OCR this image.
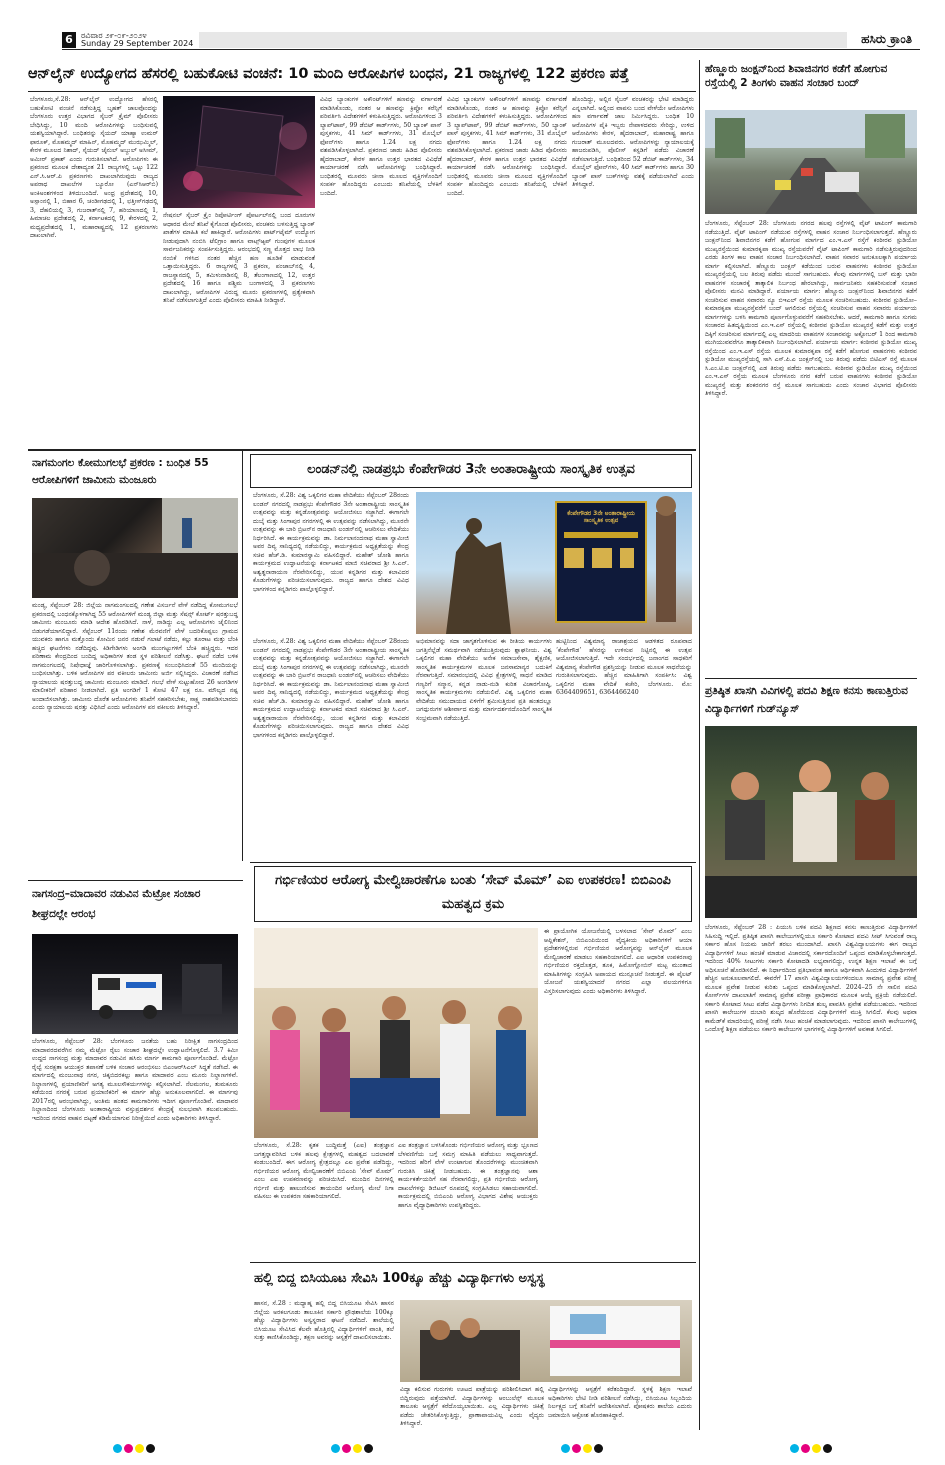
6	ರವಿವಾರ ೨೯-೦೯-೨೦೨೪
Sunday 29 September 2024	ಹಸಿರು ಕ್ರಾಂತಿ
ಆನ್‌ಲೈನ್ ಉದ್ಯೋಗದ ಹೆಸರಲ್ಲಿ ಬಹುಕೋಟಿ ವಂಚನೆ: 10 ಮಂದಿ ಆರೋಪಿಗಳ ಬಂಧನ, 21 ರಾಜ್ಯಗಳಲ್ಲಿ 122 ಪ್ರಕರಣ ಪತ್ತೆ
ಬೆಂಗಳೂರು,ಸೆ.28: ಆನ್‌ಲೈನ್ ಉದ್ಯೋಗದ ಹೆಸರಲ್ಲಿ ಬಹುಕೋಟಿ ವಂಚನೆ ನಡೆಸುತ್ತಿದ್ದ ಬೃಹತ್ ಜಾಲವೊಂದನ್ನು ಬೆಂಗಳೂರು ಉತ್ತರ ವಿಭಾಗದ ಸೈಬರ್ ಕ್ರೈಮ್ ಪೊಲೀಸರು ಬೇಧಿಸಿದ್ದು, 10 ಮಂದಿ ಆರೋಪಿಗಳನ್ನು ಬಂಧಿಸುವಲ್ಲಿ ಯಶಸ್ವಿಯಾಗಿದ್ದಾರೆ. ಬಂಧಿತರನ್ನು ಸೈಯದ್ ಯಾಹ್ಯಾ ಉಮರ್ ಫಾರೂಕ್, ಮೊಹಮ್ಮದ್ ಮಾಹಿನ್, ಮೊಹಮ್ಮದ್ ಮುಝಮ್ಮಿಲ್, ಕೇರಳ ಮೂಲದ ನಿಶಾದ್, ಸೈಯದ್ ಜೈನುಲ್ ಅಬ್ದುಲ್ ಅಸೀಮ್, ಅಮೀರ್ ಪ್ರಕಾಶ್ ಎಂದು ಗುರುತಿಸಲಾಗಿದೆ. ಆರೋಪಿಗಳು ಈ ಪ್ರಕರಣದ ಮೂಲಕ ದೇಶಾದ್ಯಂತ 21 ರಾಜ್ಯಗಳಲ್ಲಿ ಒಟ್ಟು 122 ಎನ್.ಸಿ.ಆರ್.ಪಿ ಪ್ರಕರಣಗಳು ದಾಖಲಾಗಿರುವುದು ರಾಜ್ಯದ ಅಪರಾಧ ದಾಖಲೆಗಳ ಬ್ಯೂರೋ (ಎನ್‌ಸಿಆರ್‌ಬಿ) ಅಂಕಿಅಂಶಗಳಿಂದ ತಿಳಿದುಬಂದಿದೆ. ಅಂಧ್ರ ಪ್ರದೇಶದಲ್ಲಿ 10, ಅಸ್ಸಾಂನಲ್ಲಿ 1, ಬಿಹಾರ 6, ಚಂಡೀಗಢದಲ್ಲಿ 1, ಛತ್ತೀಸ್‌ಗಢದಲ್ಲಿ 3, ದೆಹಲಿಯಲ್ಲಿ 3, ಗುಜರಾತ್‌ನಲ್ಲಿ 7, ಹರಿಯಾಣದಲ್ಲಿ 1, ಹಿಮಾಚಲ ಪ್ರದೇಶದಲ್ಲಿ 2, ಕರ್ನಾಟಕದಲ್ಲಿ 9, ಕೇರಳದಲ್ಲಿ 2, ಮಧ್ಯಪ್ರದೇಶದಲ್ಲಿ 1, ಮಹಾರಾಷ್ಟ್ರದಲ್ಲಿ 12 ಪ್ರಕರಣಗಳು ದಾಖಲಾಗಿವೆ.
ನೇಷನಲ್ ಸೈಬರ್ ಕ್ರೈಂ ರಿಪೋರ್ಟಿಂಗ್ ಪೋರ್ಟಲ್‌ನಲ್ಲಿ ಬಂದ ದೂರುಗಳ ಆಧಾರದ ಮೇಲೆ ತನಿಖೆ ಕೈಗೊಂಡ ಪೊಲೀಸರು, ವಂಚಕರು ಬಳಸುತ್ತಿದ್ದ ಬ್ಯಾಂಕ್ ಖಾತೆಗಳ ಮಾಹಿತಿ ಕಲೆ ಹಾಕಿದ್ದಾರೆ. ಆರೋಪಿಗಳು ಪಾರ್ಟ್‌ಟೈಮ್ ಉದ್ಯೋಗ ನೀಡುವುದಾಗಿ ನಂಬಿಸಿ ಟೆಲಿಗ್ರಾಂ ಹಾಗೂ ವಾಟ್ಸ್‌ಆ್ಯಪ್ ಗುಂಪುಗಳ ಮೂಲಕ ಸಾರ್ವಜನಿಕರನ್ನು ಸಂಪರ್ಕಿಸುತ್ತಿದ್ದರು. ಆರಂಭದಲ್ಲಿ ಸಣ್ಣ ಮೊತ್ತದ ಲಾಭ ನೀಡಿ ನಂಬಿಕೆ ಗಳಿಸಿದ ನಂತರ ಹೆಚ್ಚಿನ ಹಣ ಹೂಡಿಕೆ ಮಾಡುವಂತೆ ಒತ್ತಾಯಿಸುತ್ತಿದ್ದರು. 6 ರಾಜ್ಯಗಳಲ್ಲಿ 3 ಪ್ರಕರಣ, ಪಂಜಾಬ್‌ನಲ್ಲಿ 4, ರಾಜಸ್ಥಾನದಲ್ಲಿ 5, ತಮಿಳುನಾಡಿನಲ್ಲಿ 8, ತೆಲಂಗಾಣದಲ್ಲಿ 12, ಉತ್ತರ ಪ್ರದೇಶದಲ್ಲಿ 16 ಹಾಗೂ ಪಶ್ಚಿಮ ಬಂಗಾಳದಲ್ಲಿ 3 ಪ್ರಕರಣಗಳು ದಾಖಲಾಗಿದ್ದು, ಆರೋಪಿಗಳ ವಿರುದ್ಧ ಮೂರು ಪ್ರಕರಣಗಳಲ್ಲಿ ಪ್ರತ್ಯೇಕವಾಗಿ ತನಿಖೆ ನಡೆಸಲಾಗುತ್ತಿದೆ ಎಂದು ಪೊಲೀಸರು ಮಾಹಿತಿ ನೀಡಿದ್ದಾರೆ.
ವಿವಿಧ ಬ್ಯಾಂಕುಗಳ ಅಕೌಂಟ್‌ಗಳಿಗೆ ಹಣವನ್ನು ವರ್ಗಾವಣೆ ಮಾಡಿಸಿಕೊಂಡು, ನಂತರ ಆ ಹಣವನ್ನು ಕ್ರಿಪ್ಟೋ ಕರೆನ್ಸಿಗೆ ಪರಿವರ್ತಿಸಿ ವಿದೇಶಗಳಿಗೆ ಕಳುಹಿಸುತ್ತಿದ್ದರು. ಆರೋಪಿಗಳಿಂದ 3 ಲ್ಯಾಪ್‌ಟಾಪ್, 99 ಡೆಬಿಟ್ ಕಾರ್ಡ್‌ಗಳು, 50 ಬ್ಯಾಂಕ್ ಪಾಸ್ ಪುಸ್ತಕಗಳು, 41 ಸಿಮ್ ಕಾರ್ಡ್‌ಗಳು, 31 ಮೊಬೈಲ್ ಫೋನ್‌ಗಳು ಹಾಗೂ 1.24 ಲಕ್ಷ ನಗದು ವಶಪಡಿಸಿಕೊಳ್ಳಲಾಗಿದೆ. ಪ್ರಕರಣದ ಜಾಡು ಹಿಡಿದ ಪೊಲೀಸರು ಹೈದರಾಬಾದ್, ಕೇರಳ ಹಾಗೂ ಉತ್ತರ ಭಾರತದ ವಿವಿಧೆಡೆ ಕಾರ್ಯಾಚರಣೆ ನಡೆಸಿ ಆರೋಪಿಗಳನ್ನು ಬಂಧಿಸಿದ್ದಾರೆ. ಬಂಧಿತರಲ್ಲಿ ಮೂವರು ಚೀನಾ ಮೂಲದ ವ್ಯಕ್ತಿಗಳೊಂದಿಗೆ ಸಂಪರ್ಕ ಹೊಂದಿದ್ದರು ಎಂಬುದು ತನಿಖೆಯಲ್ಲಿ ಬೆಳಕಿಗೆ ಬಂದಿದೆ.
ವಿವಿಧ ಬ್ಯಾಂಕುಗಳ ಅಕೌಂಟ್‌ಗಳಿಗೆ ಹಣವನ್ನು ವರ್ಗಾವಣೆ ಮಾಡಿಸಿಕೊಂಡು, ನಂತರ ಆ ಹಣವನ್ನು ಕ್ರಿಪ್ಟೋ ಕರೆನ್ಸಿಗೆ ಪರಿವರ್ತಿಸಿ ವಿದೇಶಗಳಿಗೆ ಕಳುಹಿಸುತ್ತಿದ್ದರು. ಆರೋಪಿಗಳಿಂದ 3 ಲ್ಯಾಪ್‌ಟಾಪ್, 99 ಡೆಬಿಟ್ ಕಾರ್ಡ್‌ಗಳು, 50 ಬ್ಯಾಂಕ್ ಪಾಸ್ ಪುಸ್ತಕಗಳು, 41 ಸಿಮ್ ಕಾರ್ಡ್‌ಗಳು, 31 ಮೊಬೈಲ್ ಫೋನ್‌ಗಳು ಹಾಗೂ 1.24 ಲಕ್ಷ ನಗದು ವಶಪಡಿಸಿಕೊಳ್ಳಲಾಗಿದೆ. ಪ್ರಕರಣದ ಜಾಡು ಹಿಡಿದ ಪೊಲೀಸರು ಹೈದರಾಬಾದ್, ಕೇರಳ ಹಾಗೂ ಉತ್ತರ ಭಾರತದ ವಿವಿಧೆಡೆ ಕಾರ್ಯಾಚರಣೆ ನಡೆಸಿ ಆರೋಪಿಗಳನ್ನು ಬಂಧಿಸಿದ್ದಾರೆ. ಬಂಧಿತರಲ್ಲಿ ಮೂವರು ಚೀನಾ ಮೂಲದ ವ್ಯಕ್ತಿಗಳೊಂದಿಗೆ ಸಂಪರ್ಕ ಹೊಂದಿದ್ದರು ಎಂಬುದು ತನಿಖೆಯಲ್ಲಿ ಬೆಳಕಿಗೆ ಬಂದಿದೆ.
ಹೊಂದಿದ್ದು, ಅಲ್ಲಿನ ಸೈಬರ್ ವಂಚಕರನ್ನು ಭೇಟಿ ಮಾಡಿದ್ದರು ಎನ್ನಲಾಗಿದೆ. ಅಲ್ಲಿಂದ ವಾಪಸು ಬಂದ ವೇಳೆಯೇ ಆರೋಪಿಗಳು ಹಣ ವರ್ಗಾವಣೆ ಜಾಲ ನಿರ್ಮಿಸಿದ್ದರು. ಬಂಧಿತ 10 ಆರೋಪಿಗಳ ಪೈಕಿ ಇಬ್ಬರು ನೇಪಾಳದವರು ಸೇರಿದ್ದು, ಉಳಿದ ಆರೋಪಿಗಳು ಕೇರಳ, ಹೈದರಾಬಾದ್, ಮಹಾರಾಷ್ಟ್ರ ಹಾಗೂ ಗುಜರಾತ್ ಮೂಲದವರು. ಆರೋಪಿಗಳನ್ನು ನ್ಯಾಯಾಲಯಕ್ಕೆ ಹಾಜರುಪಡಿಸಿ, ಪೊಲೀಸ್ ಕಸ್ಟಡಿಗೆ ಪಡೆದು ವಿಚಾರಣೆ ನಡೆಸಲಾಗುತ್ತಿದೆ. ಬಂಧಿತರಿಂದ 52 ಡೆಬಿಟ್ ಕಾರ್ಡ್‌ಗಳು, 34 ಮೊಬೈಲ್ ಫೋನ್‌ಗಳು, 40 ಸಿಮ್ ಕಾರ್ಡ್‌ಗಳು ಹಾಗೂ 30 ಬ್ಯಾಂಕ್ ಪಾಸ್ ಬುಕ್‌ಗಳನ್ನು ವಶಕ್ಕೆ ಪಡೆಯಲಾಗಿದೆ ಎಂದು ತಿಳಿಸಿದ್ದಾರೆ.
ಹೆಣ್ಣೂರು ಜಂಕ್ಷನ್‌ನಿಂದ ಶಿವಾಜಿನಗರ ಕಡೆಗೆ ಹೋಗುವ ರಸ್ತೆಯಲ್ಲಿ 2 ತಿಂಗಳು ವಾಹನ ಸಂಚಾರ ಬಂದ್
ಬೆಂಗಳೂರು, ಸೆಪ್ಟೆಂಬರ್ 28: ಬೆಂಗಳೂರು ನಗರದ ಹಲವು ರಸ್ತೆಗಳಲ್ಲಿ ವೈಟ್ ಟಾಪಿಂಗ್ ಕಾಮಗಾರಿ ನಡೆಯುತ್ತಿದೆ. ವೈಟ್ ಟಾಪಿಂಗ್ ನಡೆಯುವ ರಸ್ತೆಗಳಲ್ಲಿ ವಾಹನ ಸಂಚಾರ ನಿರ್ಬಂಧಿಸಲಾಗುತ್ತದೆ. ಹೆಣ್ಣೂರು ಜಂಕ್ಷನ್‌ನಿಂದ ಶಿವಾಜಿನಗರ ಕಡೆಗೆ ಹೋಗುವ ಮಾರ್ಗದ ಎಂ.ಇ.ಎಸ್ ರಸ್ತೆಗೆ ಕಂಠೀರವ ಸ್ಟುಡಿಯೋ ಮುಖ್ಯರಸ್ತೆಯಿಂದ ಕುಮಾರಕೃಪಾ ಮುಖ್ಯ ರಸ್ತೆಯವರೆಗೆ ವೈಟ್ ಟಾಪಿಂಗ್ ಕಾಮಗಾರಿ ನಡೆಸುತ್ತಿರುವುದರಿಂದ ಎರಡು ತಿಂಗಳ ಕಾಲ ವಾಹನ ಸಂಚಾರ ನಿರ್ಬಂಧಿಸಲಾಗಿದೆ. ವಾಹನ ಸವಾರರ ಅನುಕೂಲಕ್ಕಾಗಿ ಪರ್ಯಾಯ ಮಾರ್ಗ ಕಲ್ಪಿಸಲಾಗಿದೆ. ಹೆಣ್ಣೂರು ಜಂಕ್ಷನ್ ಕಡೆಯಿಂದ ಬರುವ ವಾಹನಗಳು ಕಂಠೀರವ ಸ್ಟುಡಿಯೋ ಮುಖ್ಯರಸ್ತೆಯಲ್ಲಿ ಬಲ ತಿರುವು ಪಡೆದು ಮುಂದೆ ಸಾಗಬಹುದು. ಕೆಲವು ಮಾರ್ಗಗಳಲ್ಲಿ ಬಸ್ ಮತ್ತು ಭಾರೀ ವಾಹನಗಳ ಸಂಚಾರಕ್ಕೆ ತಾತ್ಕಾಲಿಕ ನಿರ್ಬಂಧ ಹೇರಲಾಗಿದ್ದು, ಸಾರ್ವಜನಿಕರು ಸಹಕರಿಸುವಂತೆ ಸಂಚಾರ ಪೊಲೀಸರು ಮನವಿ ಮಾಡಿದ್ದಾರೆ. ಪರ್ಯಾಯ ಮಾರ್ಗ: ಹೆಣ್ಣೂರು ಜಂಕ್ಷನ್‌ನಿಂದ ಶಿವಾಜಿನಗರ ಕಡೆಗೆ ಸಂಚರಿಸುವ ವಾಹನ ಸವಾರರು ನ್ಯೂ ಬಿಇಎಲ್ ರಸ್ತೆಯ ಮೂಲಕ ಸಂಚರಿಸಬಹುದು. ಕಂಠೀರವ ಸ್ಟುಡಿಯೋ–ಕುಮಾರಕೃಪಾ ಮುಖ್ಯರಸ್ತೆವರೆಗೆ ಬಂದ್ ಆಗಲಿರುವ ರಸ್ತೆಯಲ್ಲಿ ಸಂಚರಿಸುವ ವಾಹನ ಸವಾರರು ಪರ್ಯಾಯ ಮಾರ್ಗಗಳನ್ನು ಬಳಸಿ ಕಾಮಗಾರಿ ಪೂರ್ಣಗೊಳ್ಳುವವರೆಗೆ ಸಹಕರಿಸಬೇಕು. ಆದರೆ, ಕಾಮಗಾರಿ ಹಾಗೂ ಸುಗಮ ಸಂಚಾರದ ಹಿತದೃಷ್ಟಿಯಿಂದ ಎಂ.ಇ.ಎಸ್ ರಸ್ತೆಯಲ್ಲಿ ಕಂಠೀರವ ಸ್ಟುಡಿಯೋ ಮುಖ್ಯರಸ್ತೆ ಕಡೆಗೆ ಮತ್ತು ಉತ್ತರ ದಿಕ್ಕಿಗೆ ಸಂಚರಿಸುವ ಮಾರ್ಗದಲ್ಲಿ ಎಲ್ಲ ಮಾದರಿಯ ವಾಹನಗಳ ಸಂಚಾರವನ್ನು ಅಕ್ಟೋಬರ್ 1 ರಿಂದ ಕಾಮಗಾರಿ ಮುಗಿಯುವವರೆಗೂ ತಾತ್ಕಾಲಿಕವಾಗಿ ನಿರ್ಬಂಧಿಸಲಾಗಿದೆ. ಪರ್ಯಾಯ ಮಾರ್ಗ: ಕಂಠೀರವ ಸ್ಟುಡಿಯೋ ಮುಖ್ಯ ರಸ್ತೆಯಿಂದ ಎಂ.ಇ.ಎಸ್ ರಸ್ತೆಯ ಮೂಲಕ ಕುಮಾರಕೃಪಾ ರಸ್ತೆ ಕಡೆಗೆ ಹೋಗುವ ವಾಹನಗಳು ಕಂಠೀರವ ಸ್ಟುಡಿಯೋ ಮುಖ್ಯರಸ್ತೆಯಲ್ಲಿ ಸಾಗಿ ಎಸ್.ಪಿ.ಎ ಜಂಕ್ಷನ್‌ನಲ್ಲಿ ಬಲ ತಿರುವು ಪಡೆದು ಬಿಟಿಎಸ್ ರಸ್ತೆ ಮೂಲಕ ಸಿ.ಎಂ.ಟಿ.ಐ ಜಂಕ್ಷನ್‌ನಲ್ಲಿ ಎಡ ತಿರುವು ಪಡೆದು ಸಾಗಬಹುದು. ಕಂಠೀರವ ಸ್ಟುಡಿಯೋ ಮುಖ್ಯ ರಸ್ತೆಯಿಂದ ಎಂ.ಇ.ಎಸ್ ರಸ್ತೆಯ ಮೂಲಕ ಬೆಂಗಳೂರು ನಗರ ಕಡೆಗೆ ಬರುವ ವಾಹನಗಳು ಕಂಠೀರವ ಸ್ಟುಡಿಯೋ ಮುಖ್ಯರಸ್ತೆ ಮತ್ತು ಶಂಕರನಗರ ರಸ್ತೆ ಮೂಲಕ ಸಾಗಬಹುದು ಎಂದು ಸಂಚಾರ ವಿಭಾಗದ ಪೊಲೀಸರು ತಿಳಿಸಿದ್ದಾರೆ.
ನಾಗಮಂಗಲ ಕೋಮುಗಲಭೆ ಪ್ರಕರಣ : ಬಂಧಿತ 55 ಆರೋಪಿಗಳಿಗೆ ಜಾಮೀನು ಮಂಜೂರು
ಮಂಡ್ಯ, ಸೆಪ್ಟೆಂಬರ್ 28: ಜಿಲ್ಲೆಯ ನಾಗಮಂಗಲದಲ್ಲಿ ಗಣೇಶ ವಿಸರ್ಜನೆ ವೇಳೆ ನಡೆದಿದ್ದ ಕೋಮುಗಲಭೆ ಪ್ರಕರಣದಲ್ಲಿ ಬಂಧನಕ್ಕೊಳಗಾಗಿದ್ದ 55 ಆರೋಪಿಗಳಿಗೆ ಮಂಡ್ಯ ಜಿಲ್ಲಾ ಮತ್ತು ಸೆಷನ್ಸ್ ಕೋರ್ಟ್ ಷರತ್ತುಬದ್ಧ ಜಾಮೀನು ಮಂಜೂರು ಮಾಡಿ ಆದೇಶ ಹೊರಡಿಸಿದೆ. ನಾಳೆ, ನಾಡಿದ್ದು ಎಲ್ಲ ಆರೋಪಿಗಳು ಜೈಲಿನಿಂದ ಬಿಡುಗಡೆಯಾಗಲಿದ್ದಾರೆ. ಸೆಪ್ಟೆಂಬರ್ 11ರಂದು ಗಣೇಶ ಮೆರವಣಿಗೆ ವೇಳೆ ಬದರಿಕೊಪ್ಪಲು ಗ್ರಾಮದ ಯುವಕರು ಹಾಗೂ ಮತ್ತೊಂದು ಕೋಮಿನ ಜನರ ನಡುವೆ ಗಲಾಟೆ ನಡೆದು, ಕಲ್ಲು ತೂರಾಟ ಮತ್ತು ಬೆಂಕಿ ಹಚ್ಚಿದ ಘಟನೆಗಳು ನಡೆದಿದ್ದವು. ಕಿಡಿಗೇಡಿಗಳು ಅಂಗಡಿ ಮುಂಗಟ್ಟುಗಳಿಗೆ ಬೆಂಕಿ ಹಚ್ಚಿದ್ದರು. ಇದರ ಪರಿಣಾಮ ಕೇಂದ್ರದಿಂದ ಬಂದಿದ್ದ ಅಧಿಕಾರಿಗಳ ತಂಡ ಸ್ಥಳ ಪರಿಶೀಲನೆ ನಡೆಸಿತ್ತು. ಘಟನೆ ನಡೆದ ಬಳಿಕ ನಾಗಮಂಗಲದಲ್ಲಿ ನಿಷೇಧಾಜ್ಞೆ ಜಾರಿಗೊಳಿಸಲಾಗಿತ್ತು. ಪ್ರಕರಣಕ್ಕೆ ಸಂಬಂಧಿಸಿದಂತೆ 55 ಮಂದಿಯನ್ನು ಬಂಧಿಸಲಾಗಿತ್ತು. ಬಳಿಕ ಆರೋಪಿಗಳ ಪರ ವಕೀಲರು ಜಾಮೀನು ಅರ್ಜಿ ಸಲ್ಲಿಸಿದ್ದರು. ವಿಚಾರಣೆ ನಡೆಸಿದ ನ್ಯಾಯಾಲಯ ಷರತ್ತುಬದ್ಧ ಜಾಮೀನು ಮಂಜೂರು ಮಾಡಿದೆ. ಗಲಭೆ ವೇಳೆ ಸುಟ್ಟುಹೋದ 26 ಅಂಗಡಿಗಳ ಮಾಲೀಕರಿಗೆ ಪರಿಹಾರ ನೀಡಲಾಗಿದೆ. ಪ್ರತಿ ಅಂಗಡಿಗೆ 1 ಕೋಟಿ 47 ಲಕ್ಷ ರೂ. ಮೌಲ್ಯದ ನಷ್ಟ ಅಂದಾಜಿಸಲಾಗಿತ್ತು. ಜಾಮೀನು ದೊರೆತ ಆರೋಪಿಗಳು ತನಿಖೆಗೆ ಸಹಕರಿಸಬೇಕು, ಸಾಕ್ಷ್ಯ ನಾಶಪಡಿಸಬಾರದು ಎಂದು ನ್ಯಾಯಾಲಯ ಷರತ್ತು ವಿಧಿಸಿದೆ ಎಂದು ಆರೋಪಿಗಳ ಪರ ವಕೀಲರು ತಿಳಿಸಿದ್ದಾರೆ.
ಲಂಡನ್‌ನಲ್ಲಿ ನಾಡಪ್ರಭು ಕೆಂಪೇಗೌಡರ 3ನೇ ಅಂತಾರಾಷ್ಟ್ರೀಯ ಸಾಂಸ್ಕೃತಿಕ ಉತ್ಸವ
ಬೆಂಗಳೂರು, ಸೆ.28: ವಿಶ್ವ ಒಕ್ಕಲಿಗರ ಮಹಾ ವೇದಿಕೆಯು ಸೆಪ್ಟೆಂಬರ್ 28ರಂದು ಲಂಡನ್ ನಗರದಲ್ಲಿ ನಾಡಪ್ರಭು ಕೆಂಪೇಗೌಡರ 3ನೇ ಅಂತಾರಾಷ್ಟ್ರೀಯ ಸಾಂಸ್ಕೃತಿಕ ಉತ್ಸವವನ್ನು ಮತ್ತು ಕನ್ನಡೋತ್ಸವವನ್ನು ಆಯೋಜಿಸಲು ಸಜ್ಜಾಗಿದೆ. ಈಗಾಗಲೇ ದುಬೈ ಮತ್ತು ಸಿಂಗಾಪುರ ನಗರಗಳಲ್ಲಿ ಈ ಉತ್ಸವವನ್ನು ನಡೆಸಲಾಗಿದ್ದು, ಮೂರನೇ ಉತ್ಸವವನ್ನು ಈ ಬಾರಿ ಬ್ರಿಟನ್‌ನ ರಾಜಧಾನಿ ಲಂಡನ್‌ನಲ್ಲಿ ಆಚರಿಸಲು ವೇದಿಕೆಯು ನಿರ್ಧರಿಸಿದೆ. ಈ ಕಾರ್ಯಕ್ರಮವನ್ನು ಡಾ. ನಿರ್ಮಲಾನಂದನಾಥ ಮಹಾ ಸ್ವಾಮೀಜಿ ಅವರ ದಿವ್ಯ ಸಾನಿಧ್ಯದಲ್ಲಿ ನಡೆಯಲಿದ್ದು, ಕಾರ್ಯಕ್ರಮದ ಅಧ್ಯಕ್ಷತೆಯನ್ನು ಕೇಂದ್ರ ಸಚಿವ ಹೆಚ್.ಡಿ. ಕುಮಾರಸ್ವಾಮಿ ವಹಿಸಲಿದ್ದಾರೆ. ಮಹೇಶ್ ಜೋಶಿ ಹಾಗೂ ಕಾರ್ಯಕ್ರಮದ ಉದ್ಘಾಟನೆಯನ್ನು ಕರ್ನಾಟಕದ ಮಾಜಿ ಸಚಿವರಾದ ಶ್ರೀ ಸಿ.ಎನ್. ಅಶ್ವತ್ಥನಾರಾಯಣ ನೆರವೇರಿಸಲಿದ್ದು, ಯುವ ಕನ್ನಡಿಗರ ಮತ್ತು ಕಲಾವಿದರ ಕೊಡುಗೆಗಳನ್ನು ಪರಿಚಯಿಸಲಾಗುವುದು. ರಾಜ್ಯದ ಹಾಗೂ ದೇಶದ ವಿವಿಧ ಭಾಗಗಳಿಂದ ಕನ್ನಡಿಗರು ಪಾಲ್ಗೊಳ್ಳಲಿದ್ದಾರೆ.
ಕೆಂಪೇಗೌಡರ 3ನೇ ಅಂತಾರಾಷ್ಟ್ರೀಯ ಸಾಂಸ್ಕೃತಿಕ ಉತ್ಸವ
ಬೆಂಗಳೂರು, ಸೆ.28: ವಿಶ್ವ ಒಕ್ಕಲಿಗರ ಮಹಾ ವೇದಿಕೆಯು ಸೆಪ್ಟೆಂಬರ್ 28ರಂದು ಲಂಡನ್ ನಗರದಲ್ಲಿ ನಾಡಪ್ರಭು ಕೆಂಪೇಗೌಡರ 3ನೇ ಅಂತಾರಾಷ್ಟ್ರೀಯ ಸಾಂಸ್ಕೃತಿಕ ಉತ್ಸವವನ್ನು ಮತ್ತು ಕನ್ನಡೋತ್ಸವವನ್ನು ಆಯೋಜಿಸಲು ಸಜ್ಜಾಗಿದೆ. ಈಗಾಗಲೇ ದುಬೈ ಮತ್ತು ಸಿಂಗಾಪುರ ನಗರಗಳಲ್ಲಿ ಈ ಉತ್ಸವವನ್ನು ನಡೆಸಲಾಗಿದ್ದು, ಮೂರನೇ ಉತ್ಸವವನ್ನು ಈ ಬಾರಿ ಬ್ರಿಟನ್‌ನ ರಾಜಧಾನಿ ಲಂಡನ್‌ನಲ್ಲಿ ಆಚರಿಸಲು ವೇದಿಕೆಯು ನಿರ್ಧರಿಸಿದೆ. ಈ ಕಾರ್ಯಕ್ರಮವನ್ನು ಡಾ. ನಿರ್ಮಲಾನಂದನಾಥ ಮಹಾ ಸ್ವಾಮೀಜಿ ಅವರ ದಿವ್ಯ ಸಾನಿಧ್ಯದಲ್ಲಿ ನಡೆಯಲಿದ್ದು, ಕಾರ್ಯಕ್ರಮದ ಅಧ್ಯಕ್ಷತೆಯನ್ನು ಕೇಂದ್ರ ಸಚಿವ ಹೆಚ್.ಡಿ. ಕುಮಾರಸ್ವಾಮಿ ವಹಿಸಲಿದ್ದಾರೆ. ಮಹೇಶ್ ಜೋಶಿ ಹಾಗೂ ಕಾರ್ಯಕ್ರಮದ ಉದ್ಘಾಟನೆಯನ್ನು ಕರ್ನಾಟಕದ ಮಾಜಿ ಸಚಿವರಾದ ಶ್ರೀ ಸಿ.ಎನ್. ಅಶ್ವತ್ಥನಾರಾಯಣ ನೆರವೇರಿಸಲಿದ್ದು, ಯುವ ಕನ್ನಡಿಗರ ಮತ್ತು ಕಲಾವಿದರ ಕೊಡುಗೆಗಳನ್ನು ಪರಿಚಯಿಸಲಾಗುವುದು. ರಾಜ್ಯದ ಹಾಗೂ ದೇಶದ ವಿವಿಧ ಭಾಗಗಳಿಂದ ಕನ್ನಡಿಗರು ಪಾಲ್ಗೊಳ್ಳಲಿದ್ದಾರೆ.
ಅಭಿಮಾನವನ್ನು ಸದಾ ಜಾಗೃತಗೊಳಿಸುವ ಈ ರೀತಿಯ ಕಾರ್ಯಗಳು ಜಗತ್ತಿನೆಲ್ಲೆಡೆ ಸಮರ್ಥವಾಗಿ ನಡೆಯುತ್ತಿರುವುದು ಶ್ಲಾಘನೀಯ. ವಿಶ್ವ ಒಕ್ಕಲಿಗರ ಮಹಾ ವೇದಿಕೆಯು ಅನೇಕ ಸಮಾಜಸೇವಾ, ಶೈಕ್ಷಣಿಕ, ಸಾಂಸ್ಕೃತಿಕ ಕಾರ್ಯಕ್ರಮಗಳ ಮೂಲಕ ಜನಸಾಮಾನ್ಯರ ಬದುಕಿಗೆ ನೆರವಾಗುತ್ತಿದೆ. ಸಮಾರಂಭದಲ್ಲಿ ವಿವಿಧ ಕ್ಷೇತ್ರಗಳಲ್ಲಿ ಸಾಧನೆ ಮಾಡಿದ ಗಣ್ಯರಿಗೆ ಸನ್ಮಾನ, ಕನ್ನಡ ನಾಡು-ನುಡಿ ಕುರಿತ ವಿಚಾರಗೋಷ್ಠಿ, ಸಾಂಸ್ಕೃತಿಕ ಕಾರ್ಯಕ್ರಮಗಳು ನಡೆಯಲಿವೆ. ವಿಶ್ವ ಒಕ್ಕಲಿಗರ ಮಹಾ ವೇದಿಕೆಯ ಸಮುದಾಯದ ಏಳಿಗೆಗೆ ಶ್ರಮಿಸುತ್ತಿರುವ ಪ್ರತಿ ಹಂತದಲ್ಲೂ ಜಗದ್ಗುರುಗಳ ಆಶೀರ್ವಾದ ಮತ್ತು ಮಾರ್ಗದರ್ಶನದೊಂದಿಗೆ ಸಾಂಸ್ಕೃತಿಕ ಸಂಭ್ರಮವಾಗಿ ನಡೆಯುತ್ತಿದೆ.
ಹುಟ್ಟಿನಿಂದ ವಿಶ್ವಮಾನ್ಯ ರಾಜಾಶ್ರಯದ ಆಡಳಿತದ ರೂಪವಾದ ‘ಕೆಂಪೇಗೌಡ’ ಹೆಸರನ್ನು ಉಳಿಸುವ ನಿಟ್ಟಿನಲ್ಲಿ ಈ ಉತ್ಸವ ಆಯೋಜಿಸಲಾಗುತ್ತಿದೆ. ಇದೇ ಸಂದರ್ಭದಲ್ಲಿ ಜನಾಂಗದ ಸಾಧಕರಿಗೆ ವಿಶ್ವಮಾನ್ಯ ಕೆಂಪೇಗೌಡ ಪ್ರಶಸ್ತಿಯನ್ನು ನೀಡುವ ಮೂಲಕ ಸಾಧನೆಯನ್ನು ಗುರುತಿಸಲಾಗುವುದು. ಹೆಚ್ಚಿನ ಮಾಹಿತಿಗಾಗಿ ಸಂಪರ್ಕಿಸಿ: ವಿಶ್ವ ಒಕ್ಕಲಿಗರ ಮಹಾ ವೇದಿಕೆ ಕಚೇರಿ, ಬೆಂಗಳೂರು. ಮೊ: 6364409651, 6364466240	ಪ್ರತಿಷ್ಠಿತ ಖಾಸಗಿ ವಿವಿಗಳಲ್ಲಿ ಪದವಿ ಶಿಕ್ಷಣ ಕನಸು ಕಾಣುತ್ತಿರುವ ವಿದ್ಯಾರ್ಥಿಗಳಿಗೆ ಗುಡ್‌ನ್ಯೂಸ್
ಬೆಂಗಳೂರು, ಸೆಪ್ಟೆಂಬರ್ 28 : ಪಿಯುಸಿ ಬಳಿಕ ಪದವಿ ಶಿಕ್ಷಣದ ಕನಸು ಕಾಣುತ್ತಿರುವ ವಿದ್ಯಾರ್ಥಿಗಳಿಗೆ ಸಿಹಿಸುದ್ದಿ ಇಲ್ಲಿದೆ. ಪ್ರತಿಷ್ಠಿತ ಖಾಸಗಿ ಕಾಲೇಜುಗಳಲ್ಲಿಯೂ ಸರ್ಕಾರಿ ಕೋಟಾದ ಪದವಿ ಸೀಟ್ ಸಿಗುವಂತೆ ರಾಜ್ಯ ಸರ್ಕಾರ ಹೊಸ ನಿಯಮ ಜಾರಿಗೆ ತರಲು ಮುಂದಾಗಿದೆ. ಖಾಸಗಿ ವಿಶ್ವವಿದ್ಯಾಲಯಗಳು ಈಗ ರಾಜ್ಯದ ವಿದ್ಯಾರ್ಥಿಗಳಿಗೆ ಸೀಟು ಹಂಚಿಕೆ ಮಾಡುವ ವಿಚಾರದಲ್ಲಿ ಸರ್ಕಾರದೊಂದಿಗೆ ಒಪ್ಪಂದ ಮಾಡಿಕೊಳ್ಳಬೇಕಾಗುತ್ತದೆ. ಇದರಿಂದ 40% ಸೀಟುಗಳು ಸರ್ಕಾರಿ ಕೋಟಾದಡಿ ಲಭ್ಯವಾಗಲಿದ್ದು, ಉನ್ನತ ಶಿಕ್ಷಣ ಇಲಾಖೆ ಈ ಬಗ್ಗೆ ಅಧಿಸೂಚನೆ ಹೊರಡಿಸಲಿದೆ. ಈ ನಿರ್ಧಾರದಿಂದ ಪ್ರತಿಭಾವಂತ ಹಾಗೂ ಆರ್ಥಿಕವಾಗಿ ಹಿಂದುಳಿದ ವಿದ್ಯಾರ್ಥಿಗಳಿಗೆ ಹೆಚ್ಚಿನ ಅನುಕೂಲವಾಗಲಿದೆ. ಈವರೆಗೆ 17 ಖಾಸಗಿ ವಿಶ್ವವಿದ್ಯಾಲಯಗಳಿಂದಲೂ ಸಾಮಾನ್ಯ ಪ್ರವೇಶ ಪರೀಕ್ಷೆ ಮೂಲಕ ಪ್ರವೇಶ ನೀಡುವ ಕುರಿತು ಒಪ್ಪಂದ ಮಾಡಿಕೊಳ್ಳಲಾಗಿದೆ. 2024–25 ನೇ ಸಾಲಿನ ಪದವಿ ಕೋರ್ಸ್‌ಗಳ ದಾಖಲಾತಿಗೆ ಸಾಮಾನ್ಯ ಪ್ರವೇಶ ಪರೀಕ್ಷಾ ಪ್ರಾಧಿಕಾರದ ಮೂಲಕ ಆಯ್ಕೆ ಪ್ರಕ್ರಿಯೆ ನಡೆಯಲಿದೆ. ಸರ್ಕಾರಿ ಕೋಟಾದ ಸೀಟು ಪಡೆದ ವಿದ್ಯಾರ್ಥಿಗಳು ನಿಗದಿತ ಶುಲ್ಕ ಪಾವತಿಸಿ ಪ್ರವೇಶ ಪಡೆಯಬಹುದು. ಇದರಿಂದ ಖಾಸಗಿ ಕಾಲೇಜುಗಳ ದುಬಾರಿ ಶುಲ್ಕದ ಹೊರೆಯಿಂದ ವಿದ್ಯಾರ್ಥಿಗಳಿಗೆ ಮುಕ್ತಿ ಸಿಗಲಿದೆ. ಕೆಲವು ಅಥವಾ ಕಾಮೆಡ್‌ಕೆ ಮಾದರಿಯಲ್ಲಿ ಪರೀಕ್ಷೆ ನಡೆಸಿ ಸೀಟು ಹಂಚಿಕೆ ಮಾಡಲಾಗುವುದು. ಇದರಿಂದ ಖಾಸಗಿ ಕಾಲೇಜುಗಳಲ್ಲಿ ಒಂದೊಳ್ಳೆ ಶಿಕ್ಷಣ ಪಡೆಯಲು ಸರ್ಕಾರಿ ಕಾಲೇಜುಗಳ ಭಾಗಗಳಲ್ಲಿ ವಿದ್ಯಾರ್ಥಿಗಳಿಗೆ ಅವಕಾಶ ಸಿಗಲಿದೆ.
ಗರ್ಭಿಣಿಯರ ಆರೋಗ್ಯ ಮೇಲ್ವಿಚಾರಣೆಗೂ ಬಂತು ‘ಸೇವ್ ಮೊಮ್’ ಎಐ ಉಪಕರಣ! ಬಿಬಿಎಂಪಿ ಮಹತ್ವದ ಕ್ರಮ
ಈ ಪ್ರಾಯೋಗಿಕ ಯೋಜನೆಯಲ್ಲಿ ಬಳಸಲಾದ ‘ಸೇವ್ ಮೊಮ್’ ಎಂಬ ಆಪ್ಲಿಕೇಶನ್, ಬಿಬಿಎಂಪಿಯಿಂದ ವೈದ್ಯಕೀಯ ಅಧಿಕಾರಿಗಳಿಗೆ ಆಯಾ ಪ್ರದೇಶಗಳಲ್ಲಿರುವ ಗರ್ಭಿಣಿಯರ ಆರೋಗ್ಯವನ್ನು ಆನ್‌ಲೈನ್ ಮೂಲಕ ಮೇಲ್ವಿಚಾರಣೆ ಮಾಡಲು ಸಹಕಾರಿಯಾಗಲಿದೆ. ಎಐ ಆಧಾರಿತ ಉಪಕರಣವು ಗರ್ಭಿಣಿಯರ ರಕ್ತದೊತ್ತಡ, ತೂಕ, ಹಿಮೋಗ್ಲೋಬಿನ್ ಮಟ್ಟ ಮುಂತಾದ ಮಾಹಿತಿಗಳನ್ನು ಸಂಗ್ರಹಿಸಿ ಅಪಾಯದ ಮುನ್ಸೂಚನೆ ನೀಡುತ್ತದೆ. ಈ ಪೈಲಟ್ ಯೋಜನೆ ಯಶಸ್ವಿಯಾದರೆ ನಗರದ ಎಲ್ಲಾ ವಲಯಗಳಿಗೂ ವಿಸ್ತರಿಸಲಾಗುವುದು ಎಂದು ಅಧಿಕಾರಿಗಳು ತಿಳಿಸಿದ್ದಾರೆ.
ಬೆಂಗಳೂರು, ಸೆ.28: ಕೃತಕ ಬುದ್ಧಿಮತ್ತೆ (ಎಐ) ತಂತ್ರಜ್ಞಾನ ಜಗತ್ತನ್ನಾವರಿಸಿದ ಬಳಿಕ ಹಲವು ಕ್ಷೇತ್ರಗಳಲ್ಲಿ ಮಹತ್ವದ ಬದಲಾವಣೆ ಕಂಡುಬಂದಿದೆ. ಈಗ ಆರೋಗ್ಯ ಕ್ಷೇತ್ರದಲ್ಲೂ ಎಐ ಪ್ರವೇಶ ಪಡೆದಿದ್ದು, ಗರ್ಭಿಣಿಯರ ಆರೋಗ್ಯ ಮೇಲ್ವಿಚಾರಣೆಗೆ ಬಿಬಿಎಂಪಿ ‘ಸೇವ್ ಮೊಮ್’ ಎಂಬ ಎಐ ಉಪಕರಣವನ್ನು ಪರಿಚಯಿಸಿದೆ. ಮುಂದಿನ ದಿನಗಳಲ್ಲಿ ಗರ್ಭಿಣಿ ಮತ್ತು ಹಾಲುಣಿಸುವ ತಾಯಂದಿರ ಆರೋಗ್ಯ ಮೇಲೆ ನಿಗಾ ವಹಿಸಲು ಈ ಉಪಕರಣ ಸಹಕಾರಿಯಾಗಲಿದೆ.
ಎಐ ತಂತ್ರಜ್ಞಾನ ಬಳಸಿಕೊಂಡು ಗರ್ಭಿಣಿಯರ ಆರೋಗ್ಯ ಮತ್ತು ಭ್ರೂಣದ ಬೆಳವಣಿಗೆಯ ಬಗ್ಗೆ ಸಮಗ್ರ ಮಾಹಿತಿ ಪಡೆಯಲು ಸಾಧ್ಯವಾಗುತ್ತದೆ. ಇದರಿಂದ ಹೆರಿಗೆ ವೇಳೆ ಉಂಟಾಗುವ ತೊಂದರೆಗಳನ್ನು ಮುಂಚಿತವಾಗಿ ಗುರುತಿಸಿ ಚಿಕಿತ್ಸೆ ನೀಡಬಹುದು. ಈ ತಂತ್ರಜ್ಞಾನವು ಆಶಾ ಕಾರ್ಯಕರ್ತೆಯರಿಗೆ ಸಹ ನೆರವಾಗಲಿದ್ದು, ಪ್ರತಿ ಗರ್ಭಿಣಿಯ ಆರೋಗ್ಯ ದಾಖಲೆಗಳನ್ನು ಡಿಜಿಟಲ್ ರೂಪದಲ್ಲಿ ಸಂಗ್ರಹಿಸಿಡಲು ಸಹಾಯವಾಗಲಿದೆ. ಕಾರ್ಯಕ್ರಮದಲ್ಲಿ ಬಿಬಿಎಂಪಿ ಆರೋಗ್ಯ ವಿಭಾಗದ ವಿಶೇಷ ಆಯುಕ್ತರು ಹಾಗೂ ವೈದ್ಯಾಧಿಕಾರಿಗಳು ಉಪಸ್ಥಿತರಿದ್ದರು.
ನಾಗಸಂದ್ರ–ಮಾದಾವರ ನಡುವಿನ ಮೆಟ್ರೋ ಸಂಚಾರ ಶೀಘ್ರದಲ್ಲೇ ಆರಂಭ
ಬೆಂಗಳೂರು, ಸೆಪ್ಟೆಂಬರ್ 28: ಬೆಂಗಳೂರು ಜನತೆಯ ಬಹು ನಿರೀಕ್ಷಿತ ನಾಗಸಂದ್ರದಿಂದ ಮಾದಾವರದವರೆಗಿನ ನಮ್ಮ ಮೆಟ್ರೋ ರೈಲು ಸಂಚಾರ ಶೀಘ್ರದಲ್ಲೇ ಉದ್ಘಾಟನೆಗೊಳ್ಳಲಿದೆ. 3.7 ಕಿಮೀ ಉದ್ದದ ನಾಗಸಂದ್ರ ಮತ್ತು ಮಾದಾವರ ನಡುವಿನ ಹಸಿರು ಮಾರ್ಗ ಕಾಮಗಾರಿ ಪೂರ್ಣಗೊಂಡಿದೆ. ಮೆಟ್ರೋ ರೈಲ್ವೆ ಸುರಕ್ಷತಾ ಆಯುಕ್ತರ ತಪಾಸಣೆ ಬಳಿಕ ಸಂಚಾರ ಆರಂಭಿಸಲು ಬಿಎಂಆರ್‌ಸಿಎಲ್ ಸಿದ್ಧತೆ ನಡೆಸಿದೆ. ಈ ಮಾರ್ಗದಲ್ಲಿ ಮಂಜುನಾಥ ನಗರ, ಚಿಕ್ಕಬಿದರಕಲ್ಲು ಹಾಗೂ ಮಾದಾವರ ಎಂಬ ಮೂರು ನಿಲ್ದಾಣಗಳಿವೆ. ನಿಲ್ದಾಣಗಳಲ್ಲಿ ಪ್ರಯಾಣಿಕರಿಗೆ ಅಗತ್ಯ ಮೂಲಸೌಕರ್ಯಗಳನ್ನು ಕಲ್ಪಿಸಲಾಗಿದೆ. ನೆಲಮಂಗಲ, ತುಮಕೂರು ಕಡೆಯಿಂದ ನಗರಕ್ಕೆ ಬರುವ ಪ್ರಯಾಣಿಕರಿಗೆ ಈ ಮಾರ್ಗ ಹೆಚ್ಚು ಅನುಕೂಲವಾಗಲಿದೆ. ಈ ಮಾರ್ಗವು 2017ರಲ್ಲಿ ಆರಂಭವಾಗಿದ್ದು, ಅಂತಿಮ ಹಂತದ ಕಾಮಗಾರಿಗಳು ಇದೀಗ ಪೂರ್ಣಗೊಂಡಿವೆ. ಮಾದಾವರ ನಿಲ್ದಾಣದಿಂದ ಬೆಂಗಳೂರು ಅಂತಾರಾಷ್ಟ್ರೀಯ ವಸ್ತುಪ್ರದರ್ಶನ ಕೇಂದ್ರಕ್ಕೆ ಸುಲಭವಾಗಿ ತಲುಪಬಹುದು. ಇದರಿಂದ ನಗರದ ವಾಹನ ದಟ್ಟಣೆ ಕಡಿಮೆಯಾಗುವ ನಿರೀಕ್ಷೆಯಿದೆ ಎಂದು ಅಧಿಕಾರಿಗಳು ತಿಳಿಸಿದ್ದಾರೆ.
ಹಲ್ಲಿ ಬಿದ್ದ ಬಿಸಿಯೂಟ ಸೇವಿಸಿ 100ಕ್ಕೂ ಹೆಚ್ಚು ವಿದ್ಯಾರ್ಥಿಗಳು ಅಸ್ವಸ್ಥ
ಹಾಸನ, ಸೆ.28 : ಮಧ್ಯಾಹ್ನ ಹಲ್ಲಿ ಬಿದ್ದ ಬಿಸಿಯೂಟ ಸೇವಿಸಿ ಹಾಸನ ಜಿಲ್ಲೆಯ ಅರಕಲಗೂಡು ತಾಲೂಕಿನ ಸರ್ಕಾರಿ ಪ್ರೌಢಶಾಲೆಯ 100ಕ್ಕೂ ಹೆಚ್ಚು ವಿದ್ಯಾರ್ಥಿಗಳು ಅಸ್ವಸ್ಥರಾದ ಘಟನೆ ನಡೆದಿದೆ. ಶಾಲೆಯಲ್ಲಿ ಬಿಸಿಯೂಟ ಸೇವಿಸಿದ ಕೆಲವೇ ಹೊತ್ತಿನಲ್ಲಿ ವಿದ್ಯಾರ್ಥಿಗಳಿಗೆ ವಾಂತಿ, ತಲೆ ಸುತ್ತು ಕಾಣಿಸಿಕೊಂಡಿದ್ದು, ತಕ್ಷಣ ಅವರನ್ನು ಆಸ್ಪತ್ರೆಗೆ ದಾಖಲಿಸಲಾಯಿತು.
ವಿದ್ಯಾ ಕಲಿಸುವ ಗುರುಗಳು ಊಟದ ಪಾತ್ರೆಯನ್ನು ಪರಿಶೀಲಿಸಿದಾಗ ಹಲ್ಲಿ ಬಿದ್ದಿರುವುದು ಪತ್ತೆಯಾಗಿದೆ. ವಿದ್ಯಾರ್ಥಿಗಳನ್ನು ಆಂಬುಲೆನ್ಸ್ ಮೂಲಕ ತಾಲೂಕು ಆಸ್ಪತ್ರೆಗೆ ಕರೆದೊಯ್ಯಲಾಯಿತು. ಎಲ್ಲ ವಿದ್ಯಾರ್ಥಿಗಳು ಚಿಕಿತ್ಸೆ ಪಡೆದು ಚೇತರಿಸಿಕೊಳ್ಳುತ್ತಿದ್ದು, ಪ್ರಾಣಾಪಾಯವಿಲ್ಲ ಎಂದು ವೈದ್ಯರು ತಿಳಿಸಿದ್ದಾರೆ.
ವಿದ್ಯಾರ್ಥಿಗಳನ್ನು ಆಸ್ಪತ್ರೆಗೆ ಕರೆತಂದಿದ್ದಾರೆ. ಸ್ಥಳಕ್ಕೆ ಶಿಕ್ಷಣ ಇಲಾಖೆ ಅಧಿಕಾರಿಗಳು ಭೇಟಿ ನೀಡಿ ಪರಿಶೀಲನೆ ನಡೆಸಿದ್ದು, ಬಿಸಿಯೂಟ ಸಿಬ್ಬಂದಿಯ ನಿರ್ಲಕ್ಷ್ಯದ ಬಗ್ಗೆ ತನಿಖೆಗೆ ಆದೇಶಿಸಲಾಗಿದೆ. ಪೋಷಕರು ಶಾಲೆಯ ಎದುರು ಜಮಾಯಿಸಿ ಆಕ್ರೋಶ ಹೊರಹಾಕಿದ್ದಾರೆ.
